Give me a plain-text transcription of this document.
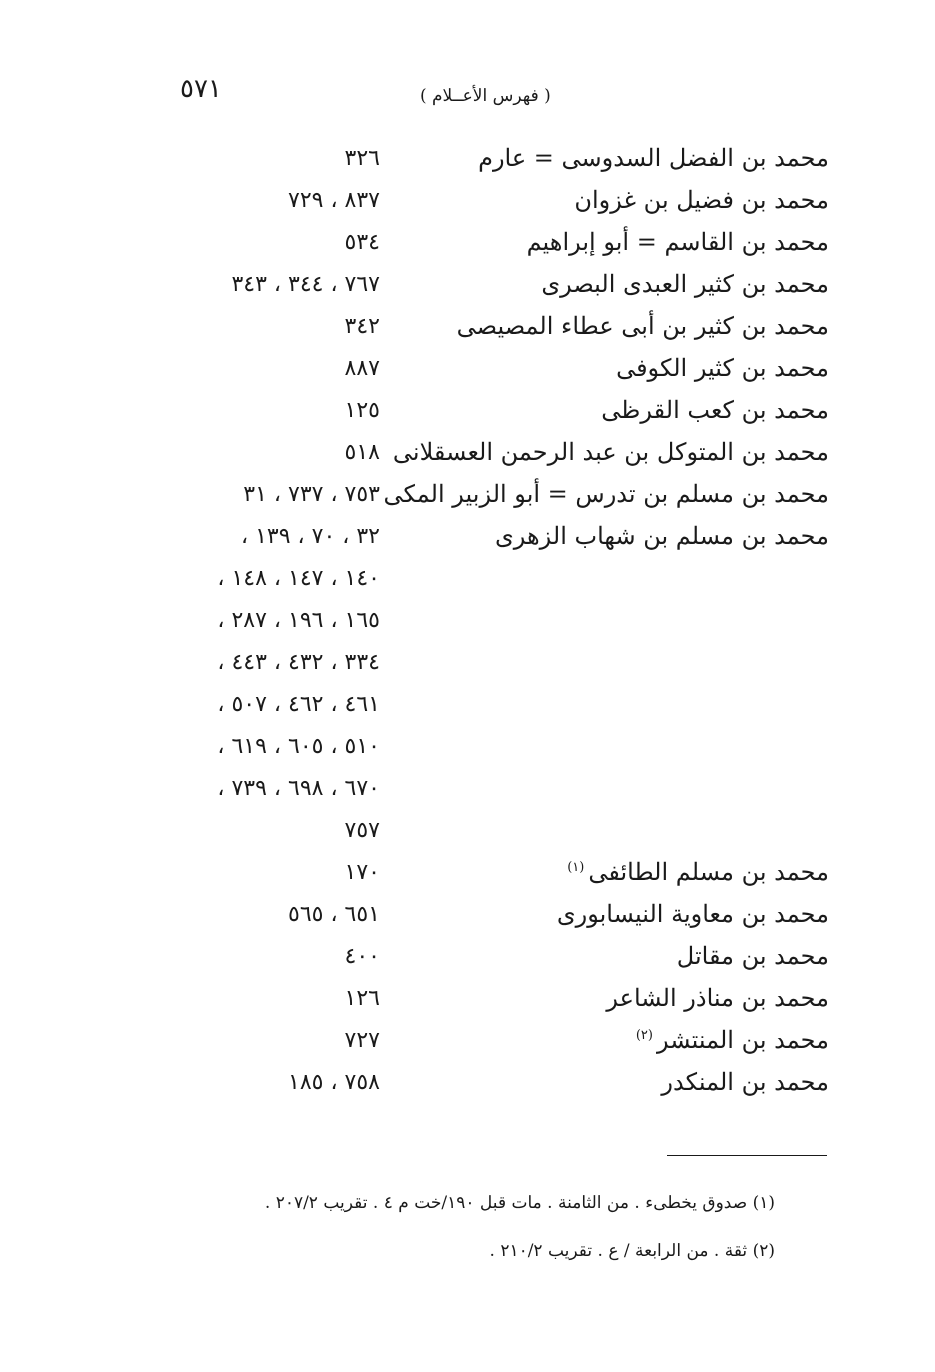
٥٧١	( فهرس الأعــلام )
محمد بن الفضل السدوسى = عارم
٣٢٦
محمد بن فضيل بن غزوان
٨٣٧ ، ٧٢٩
محمد بن القاسم = أبو إبراهيم
٥٣٤
محمد بن كثير العبدى البصرى
٧٦٧ ، ٣٤٤ ، ٣٤٣
محمد بن كثير بن أبى عطاء المصيصى
٣٤٢
محمد بن كثير الكوفى
٨٨٧
محمد بن كعب القرظى
١٢٥
محمد بن المتوكل بن عبد الرحمن العسقلانى
٥١٨
محمد بن مسلم بن تدرس = أبو الزبير المكى
٧٥٣ ، ٧٣٧ ، ٣١
محمد بن مسلم بن شهاب الزهرى
٣٢ ، ٧٠ ، ١٣٩ ،
١٤٠ ، ١٤٧ ، ١٤٨ ،
١٦٥ ، ١٩٦ ، ٢٨٧ ،
٣٣٤ ، ٤٣٢ ، ٤٤٣ ،
٤٦١ ، ٤٦٢ ، ٥٠٧ ،
٥١٠ ، ٦٠٥ ، ٦١٩ ،
٦٧٠ ، ٦٩٨ ، ٧٣٩ ،
٧٥٧
محمد بن مسلم الطائفى$^{(١)}$
١٧٠
محمد بن معاوية النيسابورى
٦٥١ ، ٥٦٥
محمد بن مقاتل
٤٠٠
محمد بن مناذر الشاعر
١٢٦
محمد بن المنتشر$^{(٢)}$
٧٢٧
محمد بن المنكدر
٧٥٨ ، ١٨٥
(١) صدوق يخطىء . من الثامنة . مات قبل ١٩٠/خت م ٤ . تقريب ٢٠٧/٢ .
(٢) ثقة . من الرابعة / ع . تقريب ٢١٠/٢ .
